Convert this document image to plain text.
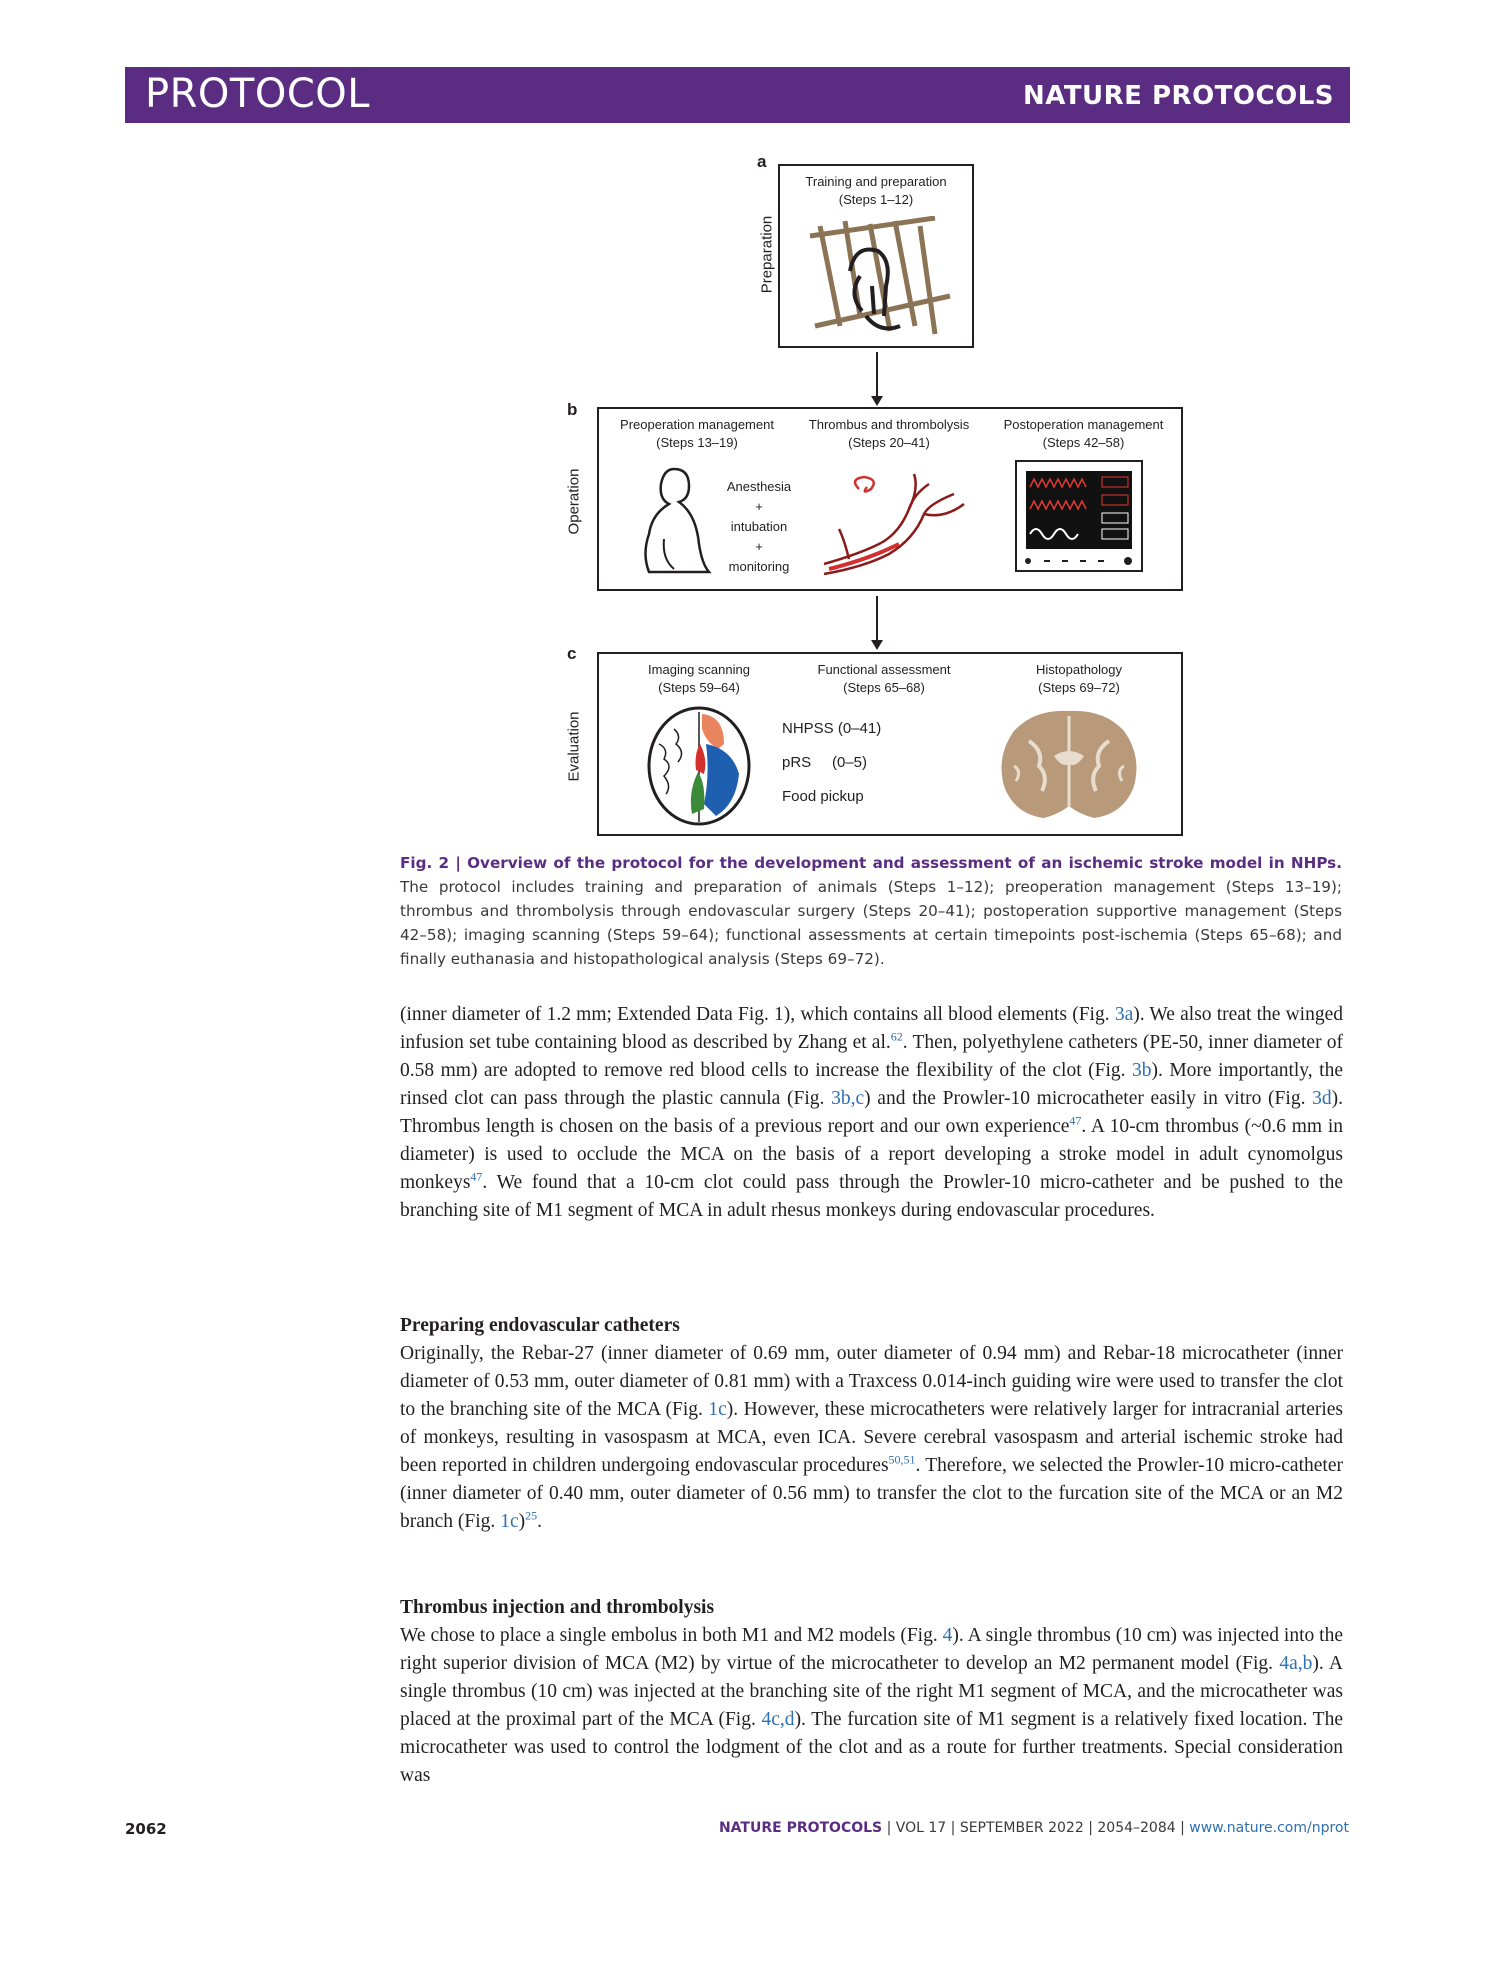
PROTOCOL	NATURE PROTOCOLS
a
Preparation
Training and preparation
(Steps 1–12)
b
Operation
Preoperation management
(Steps 13–19)
Thrombus and thrombolysis
(Steps 20–41)
Postoperation management
(Steps 42–58)
Anesthesia
+
intubation
+
monitoring
c
Evaluation
Imaging scanning
(Steps 59–64)
Functional assessment
(Steps 65–68)
Histopathology
(Steps 69–72)
NHPSS (0–41)
pRS (0–5)
Food pickup
Fig. 2 | Overview of the protocol for the development and assessment of an ischemic stroke model in NHPs. The protocol includes training and preparation of animals (Steps 1–12); preoperation management (Steps 13–19); thrombus and thrombolysis through endovascular surgery (Steps 20–41); postoperation supportive management (Steps 42–58); imaging scanning (Steps 59–64); functional assessments at certain timepoints post-ischemia (Steps 65–68); and finally euthanasia and histopathological analysis (Steps 69–72).

(inner diameter of 1.2 mm; Extended Data Fig. 1), which contains all blood elements (Fig. 3a). We also treat the winged infusion set tube containing blood as described by Zhang et al.$^{62}$. Then, polyethylene catheters (PE-50, inner diameter of 0.58 mm) are adopted to remove red blood cells to increase the flexibility of the clot (Fig. 3b). More importantly, the rinsed clot can pass through the plastic cannula (Fig. 3b,c) and the Prowler-10 microcatheter easily in vitro (Fig. 3d). Thrombus length is chosen on the basis of a previous report and our own experience$^{47}$. A 10-cm thrombus (~0.6 mm in diameter) is used to occlude the MCA on the basis of a report developing a stroke model in adult cynomolgus monkeys$^{47}$. We found that a 10-cm clot could pass through the Prowler-10 micro-catheter and be pushed to the branching site of M1 segment of MCA in adult rhesus monkeys during endovascular procedures.

Preparing endovascular catheters

Originally, the Rebar-27 (inner diameter of 0.69 mm, outer diameter of 0.94 mm) and Rebar-18 microcatheter (inner diameter of 0.53 mm, outer diameter of 0.81 mm) with a Traxcess 0.014-inch guiding wire were used to transfer the clot to the branching site of the MCA (Fig. 1c). However, these microcatheters were relatively larger for intracranial arteries of monkeys, resulting in vasospasm at MCA, even ICA. Severe cerebral vasospasm and arterial ischemic stroke had been reported in children undergoing endovascular procedures$^{50,51}$. Therefore, we selected the Prowler-10 micro-catheter (inner diameter of 0.40 mm, outer diameter of 0.56 mm) to transfer the clot to the furcation site of the MCA or an M2 branch (Fig. 1c)$^{25}$.

Thrombus injection and thrombolysis

We chose to place a single embolus in both M1 and M2 models (Fig. 4). A single thrombus (10 cm) was injected into the right superior division of MCA (M2) by virtue of the microcatheter to develop an M2 permanent model (Fig. 4a,b). A single thrombus (10 cm) was injected at the branching site of the right M1 segment of MCA, and the microcatheter was placed at the proximal part of the MCA (Fig. 4c,d). The furcation site of M1 segment is a relatively fixed location. The microcatheter was used to control the lodgment of the clot and as a route for further treatments. Special consideration was

2062	NATURE PROTOCOLS | VOL 17 | SEPTEMBER 2022 | 2054–2084 | www.nature.com/nprot
